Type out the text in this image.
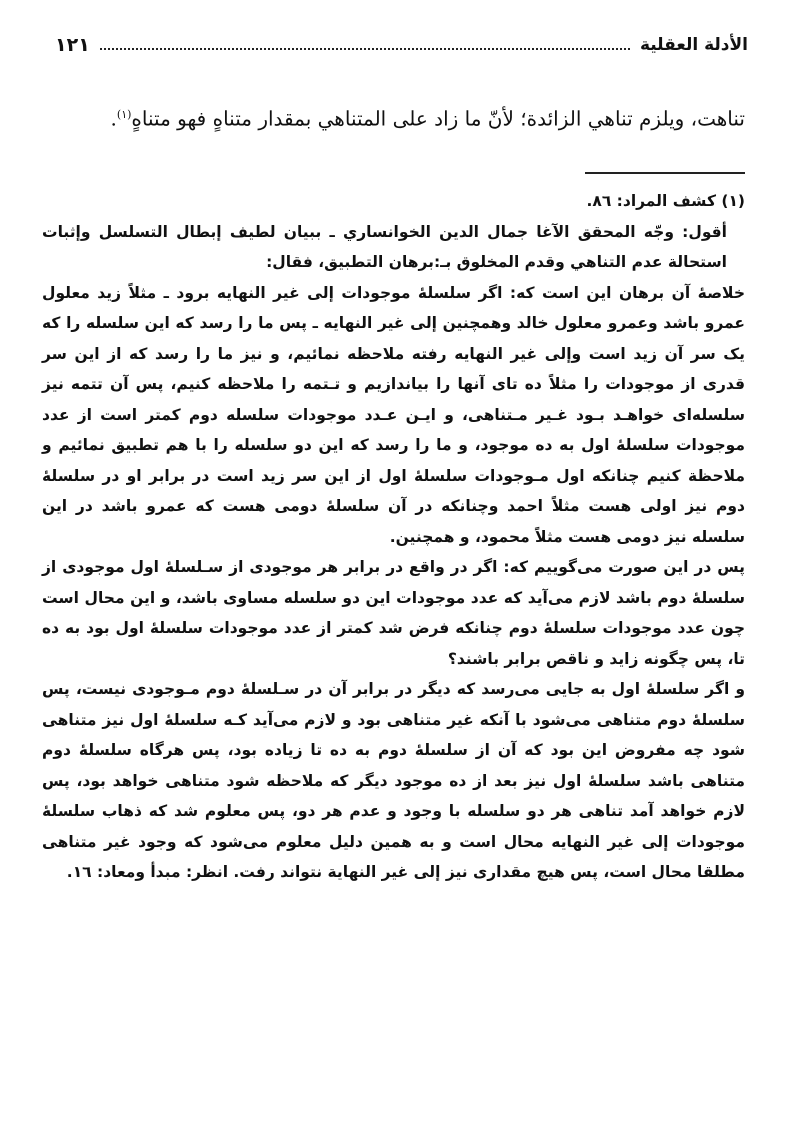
الأدلة العقلية
١٢١

تناهت، ويلزم تناهي الزائدة؛ لأنّ ما زاد على المتناهي بمقدار متناهٍ فهو متناهٍ$^{(١)}$.

(١) كشف المراد: ٨٦.

أقول: وجّه المحقق الآغا جمال الدين الخوانساري ـ ببيان لطيف إبطال التسلسل وإثبات استحالة عدم التناهي وقدم المخلوق بـ:برهان التطبيق، فقال:

خلاصهٔ آن برهان اين است كه: اگر سلسلهٔ موجودات إلى غير النهايه برود ـ مثلاً زيد معلول عمرو باشد وعمرو معلول خالد وهمچنين إلى غير النهايه ـ پس ما را رسد كه اين سلسله را كه يک سر آن زيد است وإلى غير النهايه رفته ملاحظه نمائيم، و نيز ما را رسد كه از اين سر قدرى از موجودات را مثلاً ده تاى آنها را بياندازيم و تـتمه را ملاحظه كنيم، پس آن تتمه نيز سلسله‌اى خواهـد بـود غـير مـتناهى، و ايـن عـدد موجودات سلسله دوم كمتر است از عدد موجودات سلسلهٔ اول به ده موجود، و ما را رسد كه اين دو سلسله را با هم تطبيق نمائيم و ملاحظة كنيم چنانكه اول مـوجودات سلسلهٔ اول از اين سر زيد است در برابر او در سلسلهٔ دوم نيز اولى هست مثلاً احمد وچنانكه در آن سلسلهٔ دومى هست كه عمرو باشد در اين سلسله نيز دومى هست مثلاً محمود، و همچنين.

پس در اين صورت مى‌گوييم كه: اگر در واقع در برابر هر موجودى از سـلسلهٔ اول موجودى از سلسلهٔ دوم باشد لازم مى‌آيد كه عدد موجودات اين دو سلسله مساوى باشد، و اين محال است چون عدد موجودات سلسلهٔ دوم چنانكه فرض شد كمتر از عدد موجودات سلسلهٔ اول بود به ده تا، پس چگونه زايد و ناقص برابر باشند؟

و اگر سلسلهٔ اول به جايى مى‌رسد كه ديگر در برابر آن در سـلسلهٔ دوم مـوجودى نيست، پس سلسلهٔ دوم متناهى مى‌شود با آنكه غير متناهى بود و لازم مى‌آيد كـه سلسلهٔ اول نيز متناهى شود چه مفروض اين بود كه آن از سلسلهٔ دوم به ده تا زياده بود، پس هرگاه سلسلهٔ دوم متناهى باشد سلسلهٔ اول نيز بعد از ده موجود ديگر كه ملاحظه شود متناهى خواهد بود، پس لازم خواهد آمد تناهى هر دو سلسله با وجود و عدم هر دو، پس معلوم شد كه ذهاب سلسلهٔ موجودات إلى غير النهايه محال است و به همين دليل معلوم مى‌شود كه وجود غير متناهى مطلقا محال است، پس هيچ مقدارى نيز إلى غير النهاية نتواند رفت. انظر: مبدأ ومعاد: ١٦.
